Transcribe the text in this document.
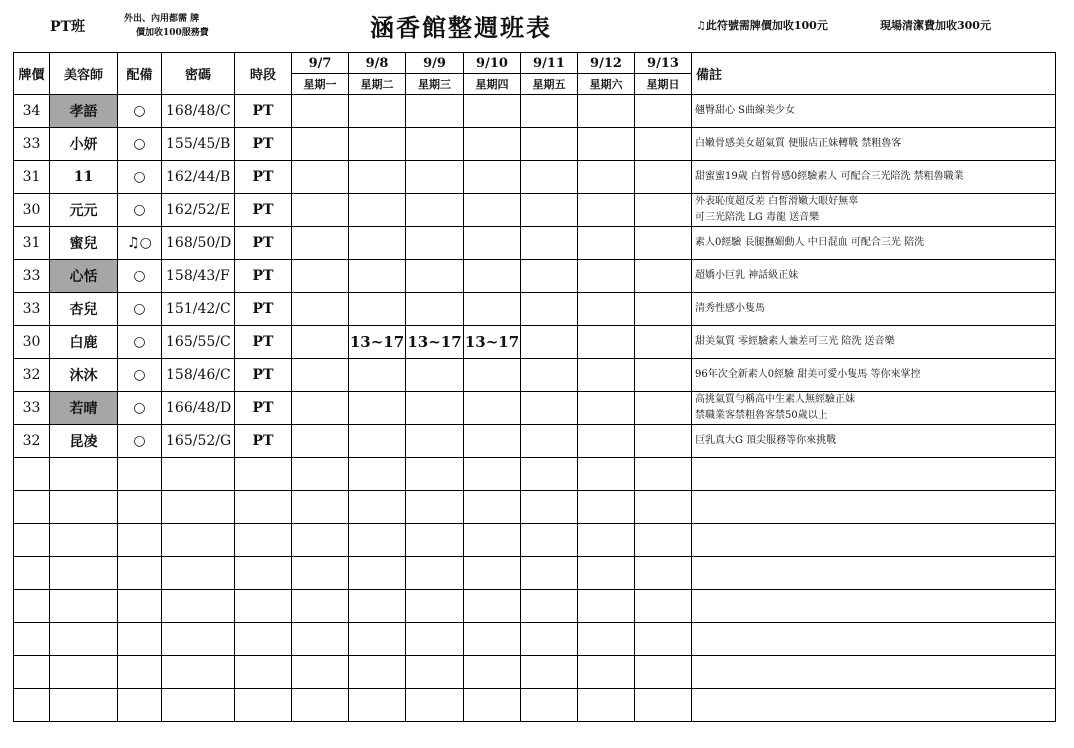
PT班	外出、內用都需 牌
價加收100服務費	涵香館整週班表	♫此符號需牌價加收100元	現場清潔費加收300元
牌價	美容師	配備	密碼	時段	9/7	9/8	9/9	9/10	9/11	9/12	9/13	備註
					星期一	星期二	星期三	星期四	星期五	星期六	星期日	
34	孝語	○	168/48/C	PT								翹臀甜心 S曲線美少女

33	小妍	○	155/45/B	PT								白嫩骨感美女超氣質 便服店正妹轉戰 禁粗魯客

31	11	○	162/44/B	PT								甜蜜蜜19歲 白皙骨感0經驗素人 可配合三光陪洗 禁粗魯職業

30	元元	○	162/52/E	PT								外表恥度超反差 白皙滑嫩大眼好無辜
可三光陪洗 LG 毒龍 送音樂

31	蜜兒	♫○	168/50/D	PT								素人0經驗 長腿撫媚動人 中日混血 可配合三光 陪洗

33	心恬	○	158/43/F	PT								超嬌小巨乳 神話級正妹

33	杏兒	○	151/42/C	PT								清秀性感小隻馬

30	白鹿	○	165/55/C	PT		13~17	13~17	13~17				甜美氣質 零經驗素人兼差可三光 陪洗 送音樂

32	沐沐	○	158/46/C	PT								96年次全新素人0經驗 甜美可愛小隻馬 等你來掌控

33	若晴	○	166/48/D	PT								高挑氣質勻稱高中生素人無經驗正妹
禁職業客禁粗魯客禁50歲以上

32	昆凌	○	165/52/G	PT								巨乳真大G 頂尖服務等你來挑戰
